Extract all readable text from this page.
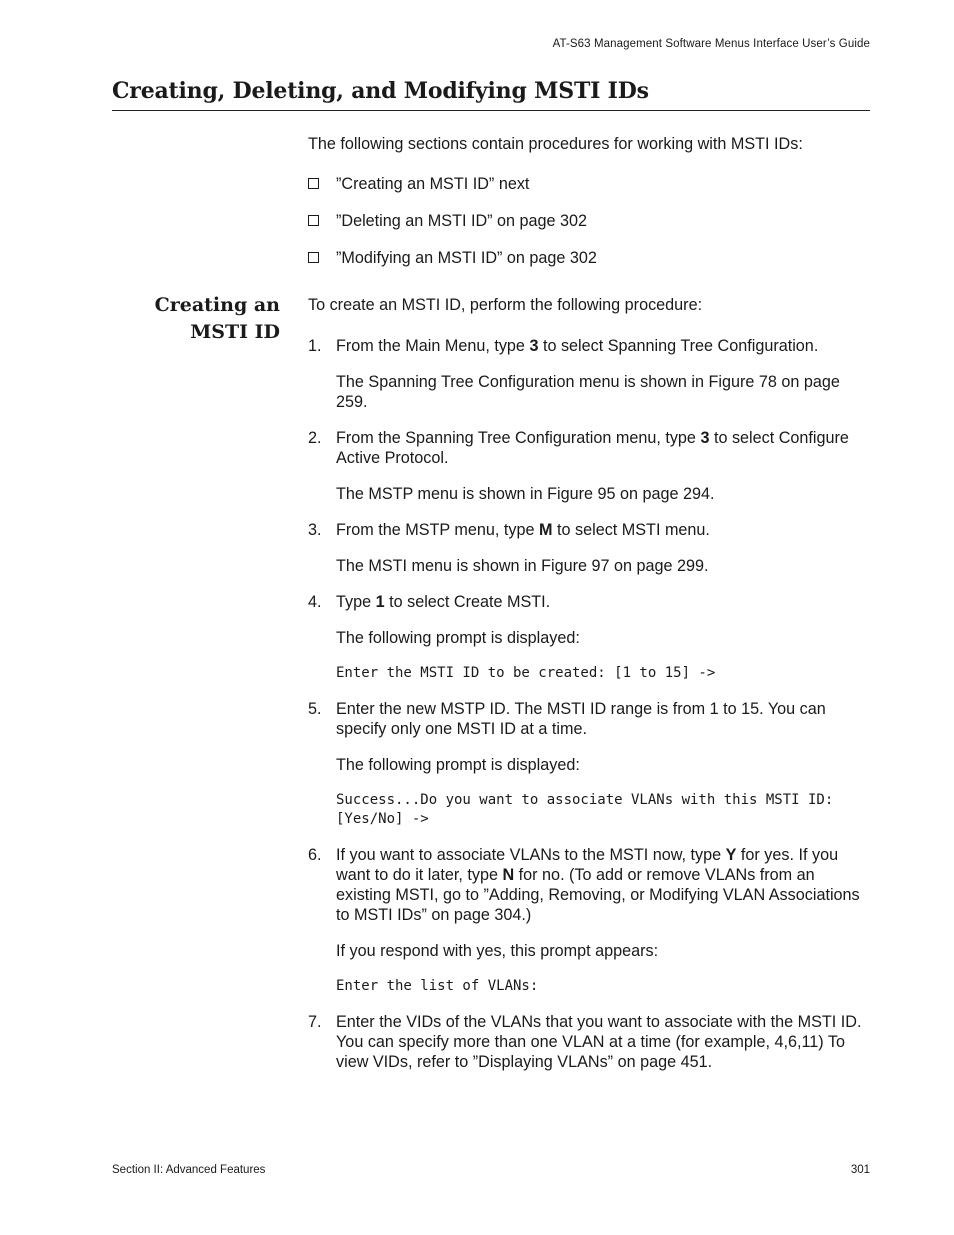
AT-S63 Management Software Menus Interface User’s Guide
Creating, Deleting, and Modifying MSTI IDs
The following sections contain procedures for working with MSTI IDs:
”Creating an MSTI ID” next
”Deleting an MSTI ID” on page 302
”Modifying an MSTI ID” on page 302
Creating an
MSTI ID
To create an MSTI ID, perform the following procedure:
1. From the Main Menu, type 3 to select Spanning Tree Configuration.

The Spanning Tree Configuration menu is shown in Figure 78 on page 259.

2. From the Spanning Tree Configuration menu, type 3 to select Configure Active Protocol.

The MSTP menu is shown in Figure 95 on page 294.

3. From the MSTP menu, type M to select MSTI menu.

The MSTI menu is shown in Figure 97 on page 299.

4. Type 1 to select Create MSTI.

The following prompt is displayed:

Enter the MSTI ID to be created: [1 to 15] ->

5. Enter the new MSTP ID. The MSTI ID range is from 1 to 15. You can specify only one MSTI ID at a time.

The following prompt is displayed:

Success...Do you want to associate VLANs with this MSTI ID: [Yes/No] ->

6. If you want to associate VLANs to the MSTI now, type Y for yes. If you want to do it later, type N for no. (To add or remove VLANs from an existing MSTI, go to ”Adding, Removing, or Modifying VLAN Associations to MSTI IDs” on page 304.)

If you respond with yes, this prompt appears:

Enter the list of VLANs:

7. Enter the VIDs of the VLANs that you want to associate with the MSTI ID. You can specify more than one VLAN at a time (for example, 4,6,11) To view VIDs, refer to ”Displaying VLANs” on page 451.

Section II: Advanced Features	301
